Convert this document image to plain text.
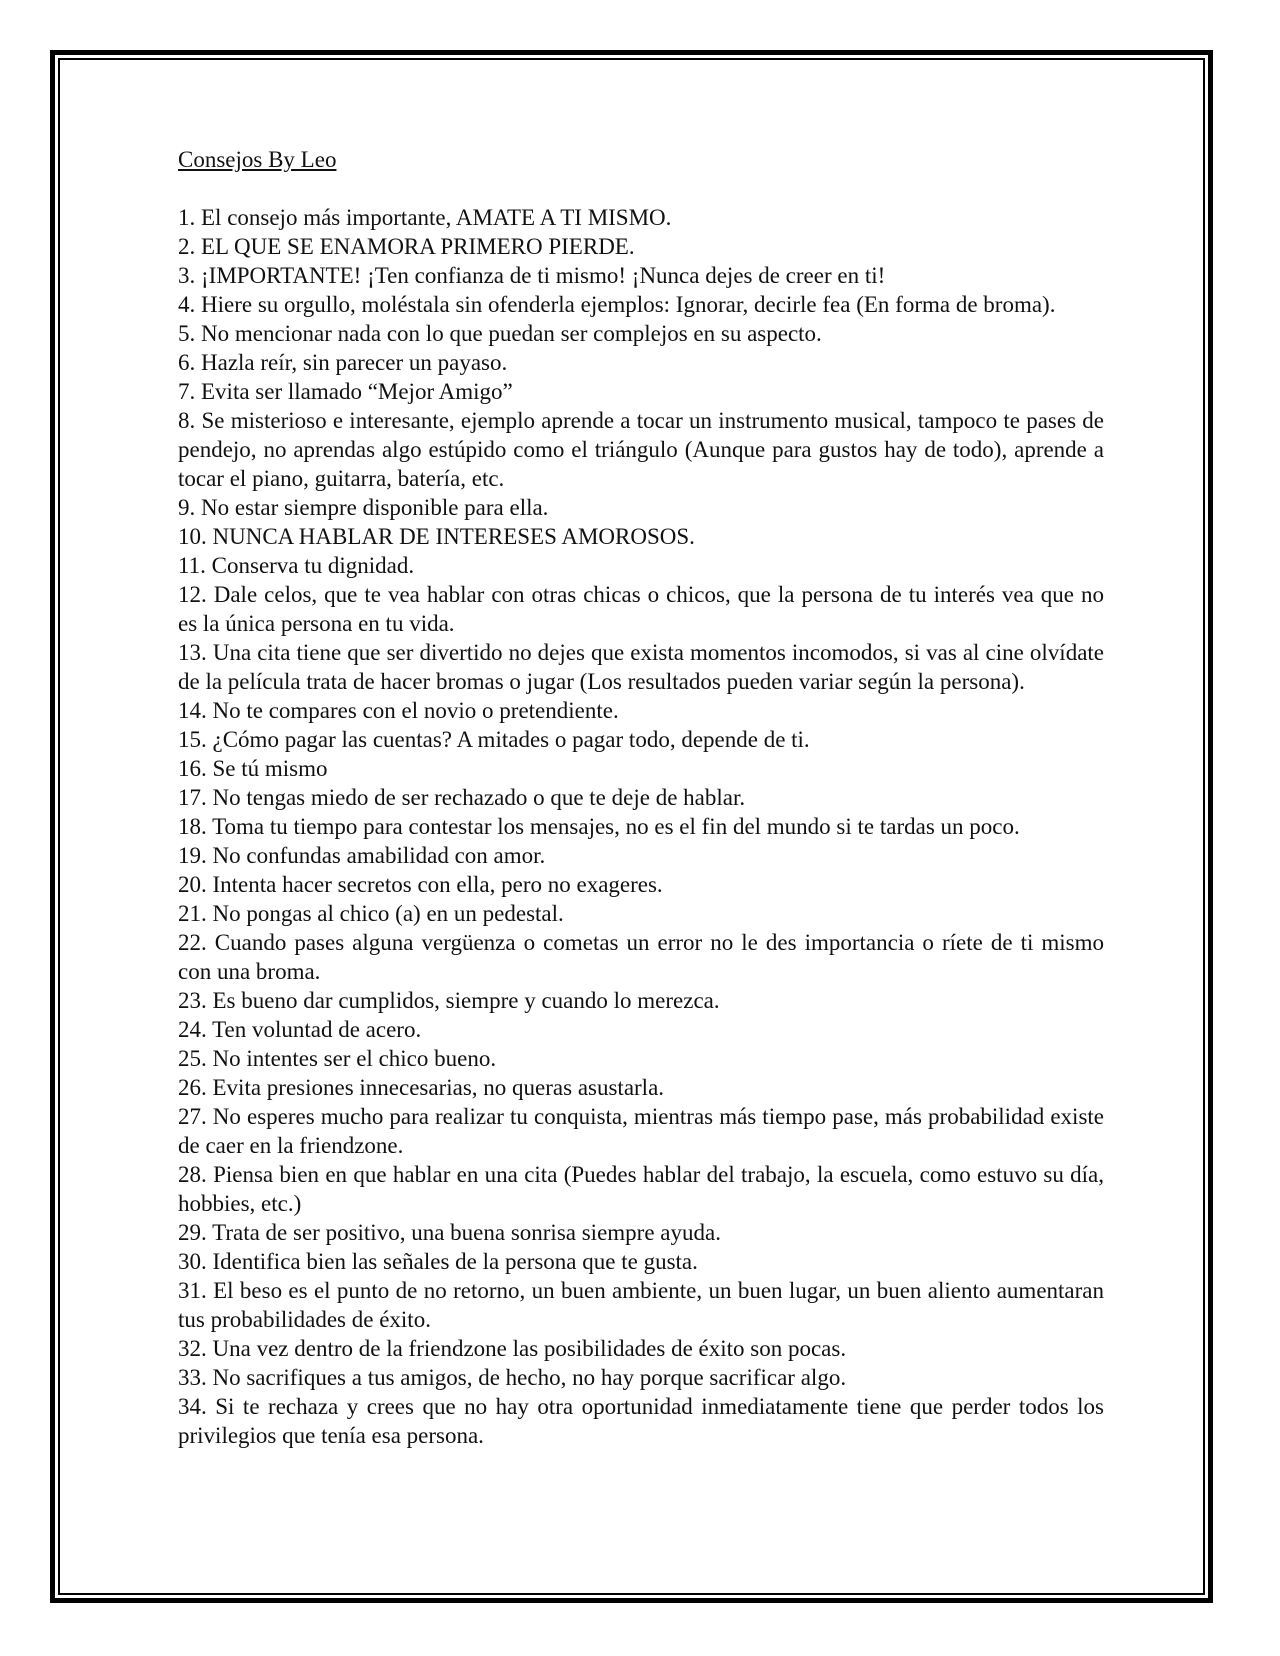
Consejos By Leo
1. El consejo más importante, AMATE A TI MISMO.
2. EL QUE SE ENAMORA PRIMERO PIERDE.
3. ¡IMPORTANTE! ¡Ten confianza de ti mismo! ¡Nunca dejes de creer en ti!
4. Hiere su orgullo, moléstala sin ofenderla ejemplos: Ignorar, decirle fea (En forma de broma).
5. No mencionar nada con lo que puedan ser complejos en su aspecto.
6. Hazla reír, sin parecer un payaso.
7. Evita ser llamado “Mejor Amigo”
8. Se misterioso e interesante, ejemplo aprende a tocar un instrumento musical, tampoco te pases de pendejo, no aprendas algo estúpido como el triángulo (Aunque para gustos hay de todo), aprende a tocar el piano, guitarra, batería, etc.
9. No estar siempre disponible para ella.
10. NUNCA HABLAR DE INTERESES AMOROSOS.
11. Conserva tu dignidad.
12. Dale celos, que te vea hablar con otras chicas o chicos, que la persona de tu interés vea que no es la única persona en tu vida.
13. Una cita tiene que ser divertido no dejes que exista momentos incomodos, si vas al cine olvídate de la película trata de hacer bromas o jugar (Los resultados pueden variar según la persona).
14. No te compares con el novio o pretendiente.
15. ¿Cómo pagar las cuentas? A mitades o pagar todo, depende de ti.
16. Se tú mismo
17. No tengas miedo de ser rechazado o que te deje de hablar.
18. Toma tu tiempo para contestar los mensajes, no es el fin del mundo si te tardas un poco.
19. No confundas amabilidad con amor.
20. Intenta hacer secretos con ella, pero no exageres.
21. No pongas al chico (a) en un pedestal.
22. Cuando pases alguna vergüenza o cometas un error no le des importancia o ríete de ti mismo con una broma.
23. Es bueno dar cumplidos, siempre y cuando lo merezca.
24. Ten voluntad de acero.
25. No intentes ser el chico bueno.
26. Evita presiones innecesarias, no queras asustarla.
27. No esperes mucho para realizar tu conquista, mientras más tiempo pase, más probabilidad existe de caer en la friendzone.
28. Piensa bien en que hablar en una cita (Puedes hablar del trabajo, la escuela, como estuvo su día, hobbies, etc.)
29. Trata de ser positivo, una buena sonrisa siempre ayuda.
30. Identifica bien las señales de la persona que te gusta.
31. El beso es el punto de no retorno, un buen ambiente, un buen lugar, un buen aliento aumentaran tus probabilidades de éxito.
32. Una vez dentro de la friendzone las posibilidades de éxito son pocas.
33. No sacrifiques a tus amigos, de hecho, no hay porque sacrificar algo.
34. Si te rechaza y crees que no hay otra oportunidad inmediatamente tiene que perder todos los privilegios que tenía esa persona.
